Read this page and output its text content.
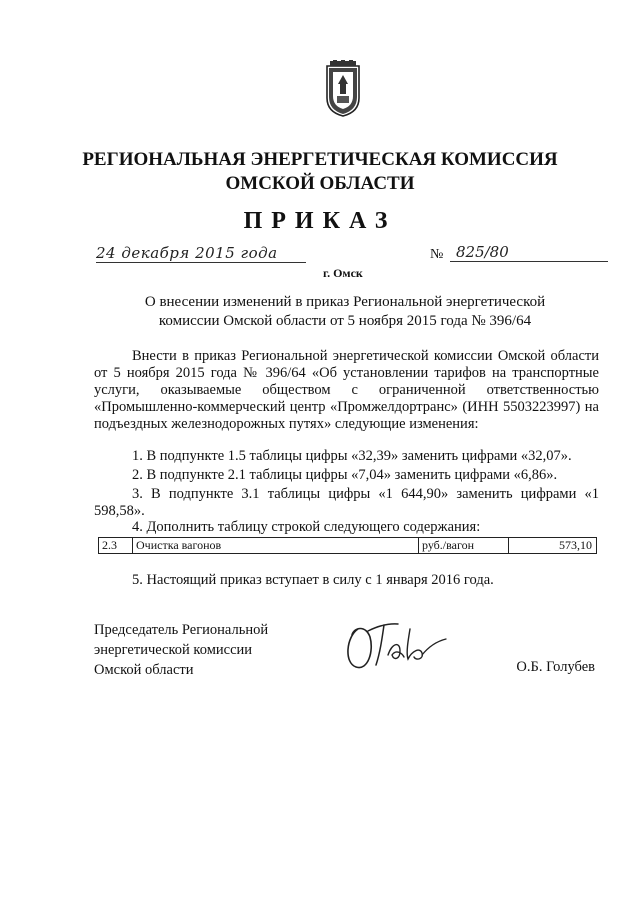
РЕГИОНАЛЬНАЯ ЭНЕРГЕТИЧЕСКАЯ КОМИССИЯ
ОМСКОЙ ОБЛАСТИ
ПРИКАЗ
24 декабря 2015 года	№ 825/80
г. Омск
О внесении изменений в приказ Региональной энергетической
комиссии Омской области от 5 ноября 2015 года № 396/64
Внести в приказ Региональной энергетической комиссии Омской области от 5 ноября 2015 года № 396/64 «Об установлении тарифов на транспортные услуги, оказываемые обществом с ограниченной ответственностью «Промышленно-коммерческий центр «Промжелдортранс» (ИНН 5503223997) на подъездных железнодорожных путях» следующие изменения:
1. В подпункте 1.5 таблицы цифры «32,39» заменить цифрами «32,07».
2. В подпункте 2.1 таблицы цифры «7,04» заменить цифрами «6,86».
3. В подпункте 3.1 таблицы цифры «1 644,90» заменить цифрами «1 598,58».
4. Дополнить таблицу строкой следующего содержания:
2.3	Очистка вагонов	руб./вагон	573,10
5. Настоящий приказ вступает в силу с 1 января 2016 года.
Председатель Региональной
энергетической комиссии
Омской области	О.Б. Голубев
